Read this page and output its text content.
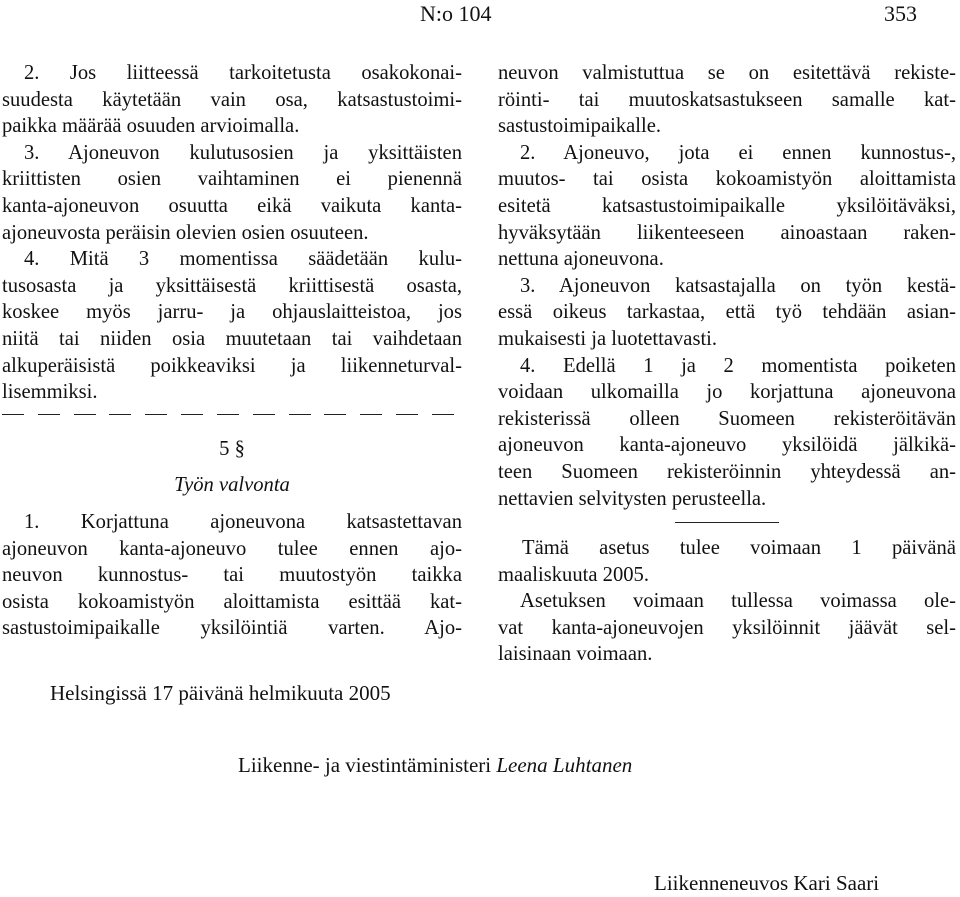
N:o 104	353
2. Jos liitteessä tarkoitetusta osakokonai-
suudesta käytetään vain osa, katsastustoimi-
paikka määrää osuuden arvioimalla.
3. Ajoneuvon kulutusosien ja yksittäisten
kriittisten osien vaihtaminen ei pienennä
kanta-ajoneuvon osuutta eikä vaikuta kanta-
ajoneuvosta peräisin olevien osien osuuteen.
4. Mitä 3 momentissa säädetään kulu-
tusosasta ja yksittäisestä kriittisestä osasta,
koskee myös jarru- ja ohjauslaitteistoa, jos
niitä tai niiden osia muutetaan tai vaihdetaan
alkuperäisistä poikkeaviksi ja liikenneturval-
lisemmiksi.
5 §
Työn valvonta
1. Korjattuna ajoneuvona katsastettavan
ajoneuvon kanta-ajoneuvo tulee ennen ajo-
neuvon kunnostus- tai muutostyön taikka
osista kokoamistyön aloittamista esittää kat-
sastustoimipaikalle yksilöintiä varten. Ajo-
neuvon valmistuttua se on esitettävä rekiste-
röinti- tai muutoskatsastukseen samalle kat-
sastustoimipaikalle.
2. Ajoneuvo, jota ei ennen kunnostus-,
muutos- tai osista kokoamistyön aloittamista
esitetä katsastustoimipaikalle yksilöitäväksi,
hyväksytään liikenteeseen ainoastaan raken-
nettuna ajoneuvona.
3. Ajoneuvon katsastajalla on työn kestä-
essä oikeus tarkastaa, että työ tehdään asian-
mukaisesti ja luotettavasti.
4. Edellä 1 ja 2 momentista poiketen
voidaan ulkomailla jo korjattuna ajoneuvona
rekisterissä olleen Suomeen rekisteröitävän
ajoneuvon kanta-ajoneuvo yksilöidä jälkikä-
teen Suomeen rekisteröinnin yhteydessä an-
nettavien selvitysten perusteella.
Tämä asetus tulee voimaan 1 päivänä
maaliskuuta 2005.
Asetuksen voimaan tullessa voimassa ole-
vat kanta-ajoneuvojen yksilöinnit jäävät sel-
laisinaan voimaan.
Helsingissä 17 päivänä helmikuuta 2005
Liikenne- ja viestintäministeri Leena Luhtanen
Liikenneneuvos Kari Saari
